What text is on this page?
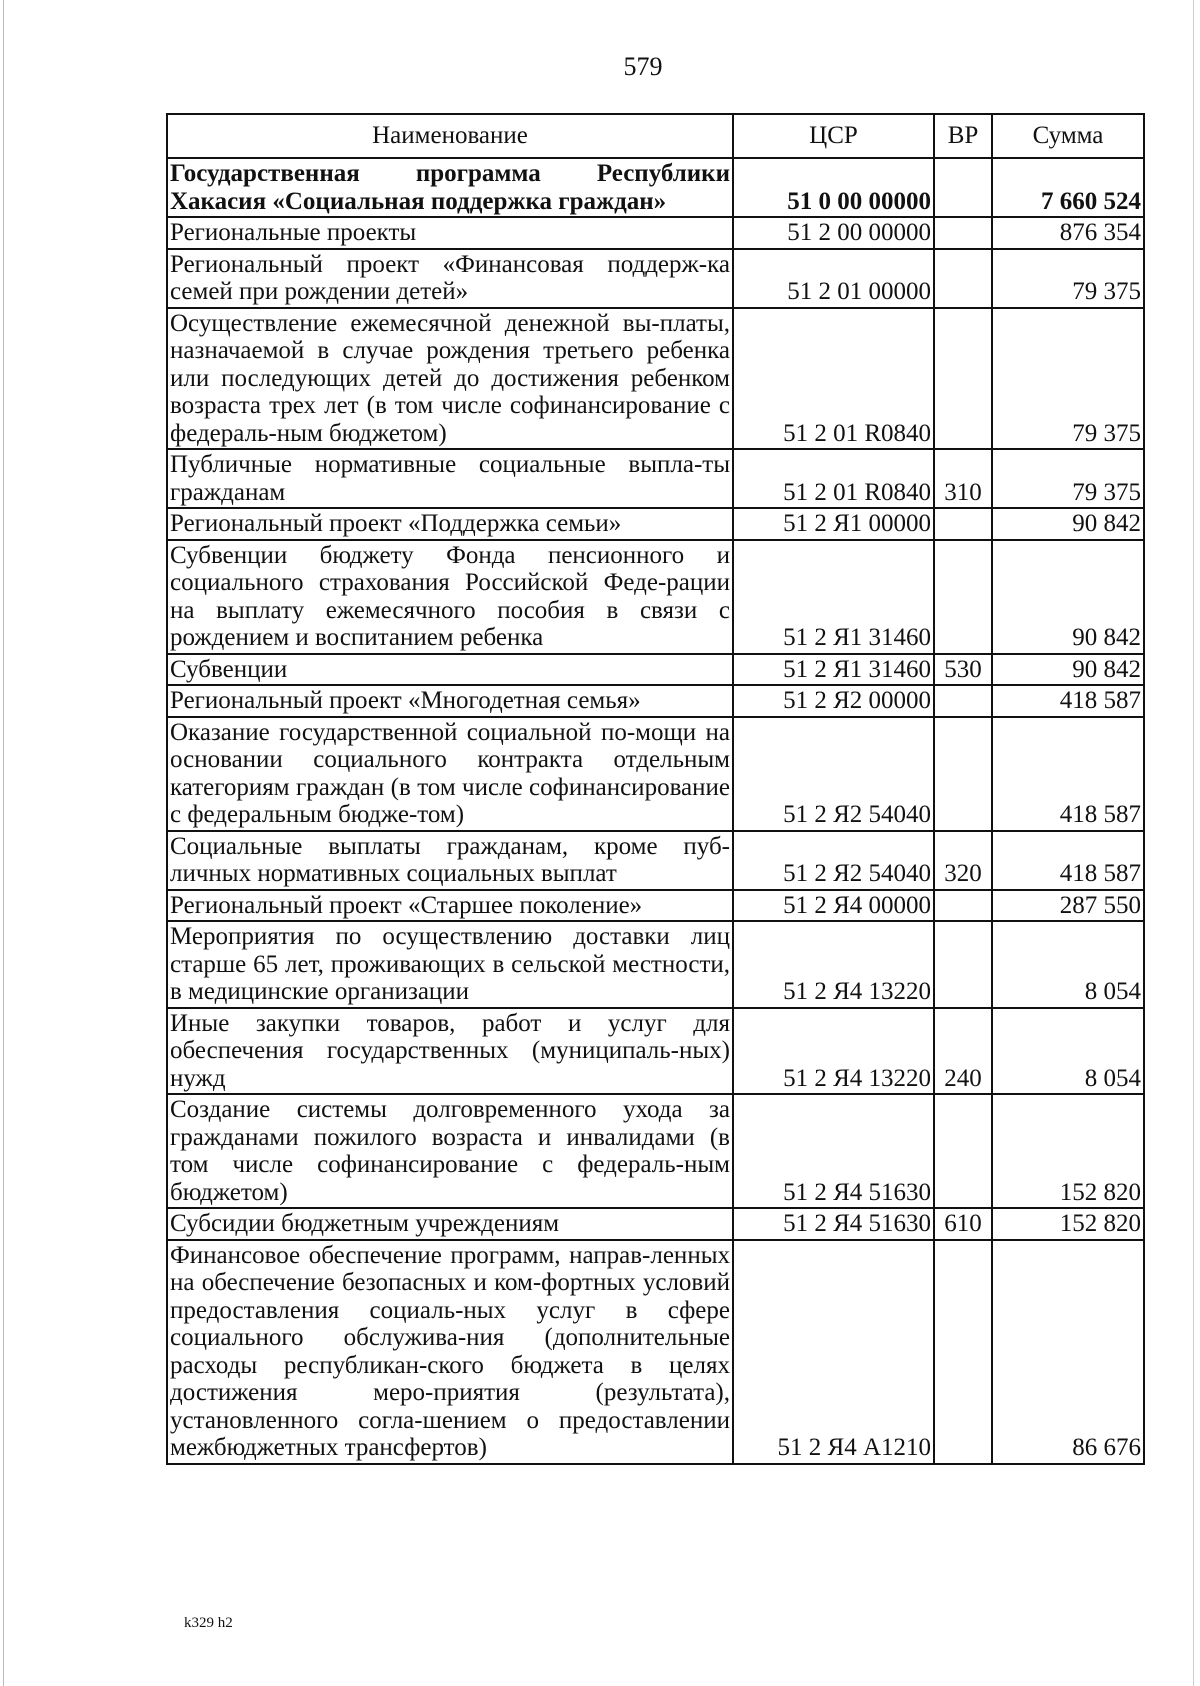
579
Наименование	ЦСР	ВР	Сумма
Государственная программа Республики Хакасия «Социальная поддержка граждан»	51 0 00 00000		7 660 524
Региональные проекты	51 2 00 00000		876 354
Региональный проект «Финансовая поддерж-ка семей при рождении детей»	51 2 01 00000		79 375
Осуществление ежемесячной денежной вы-платы, назначаемой в случае рождения третьего ребенка или последующих детей до достижения ребенком возраста трех лет (в том числе софинансирование с федераль-ным бюджетом)	51 2 01 R0840		79 375
Публичные нормативные социальные выпла-ты гражданам	51 2 01 R0840	310	79 375
Региональный проект «Поддержка семьи»	51 2 Я1 00000		90 842
Субвенции бюджету Фонда пенсионного и социального страхования Российской Феде-рации на выплату ежемесячного пособия в связи с рождением и воспитанием ребенка	51 2 Я1 31460		90 842
Субвенции	51 2 Я1 31460	530	90 842
Региональный проект «Многодетная семья»	51 2 Я2 00000		418 587
Оказание государственной социальной по-мощи на основании социального контракта отдельным категориям граждан (в том числе софинансирование с федеральным бюдже-том)	51 2 Я2 54040		418 587
Социальные выплаты гражданам, кроме пуб-личных нормативных социальных выплат	51 2 Я2 54040	320	418 587
Региональный проект «Старшее поколение»	51 2 Я4 00000		287 550
Мероприятия по осуществлению доставки лиц старше 65 лет, проживающих в сельской местности, в медицинские организации	51 2 Я4 13220		8 054
Иные закупки товаров, работ и услуг для обеспечения государственных (муниципаль-ных) нужд	51 2 Я4 13220	240	8 054
Создание системы долговременного ухода за гражданами пожилого возраста и инвалидами (в том числе софинансирование с федераль-ным бюджетом)	51 2 Я4 51630		152 820
Субсидии бюджетным учреждениям	51 2 Я4 51630	610	152 820
Финансовое обеспечение программ, направ-ленных на обеспечение безопасных и ком-фортных условий предоставления социаль-ных услуг в сфере социального обслужива-ния (дополнительные расходы республикан-ского бюджета в целях достижения меро-приятия (результата), установленного согла-шением о предоставлении межбюджетных трансфертов)	51 2 Я4 А1210		86 676
k329 h2
